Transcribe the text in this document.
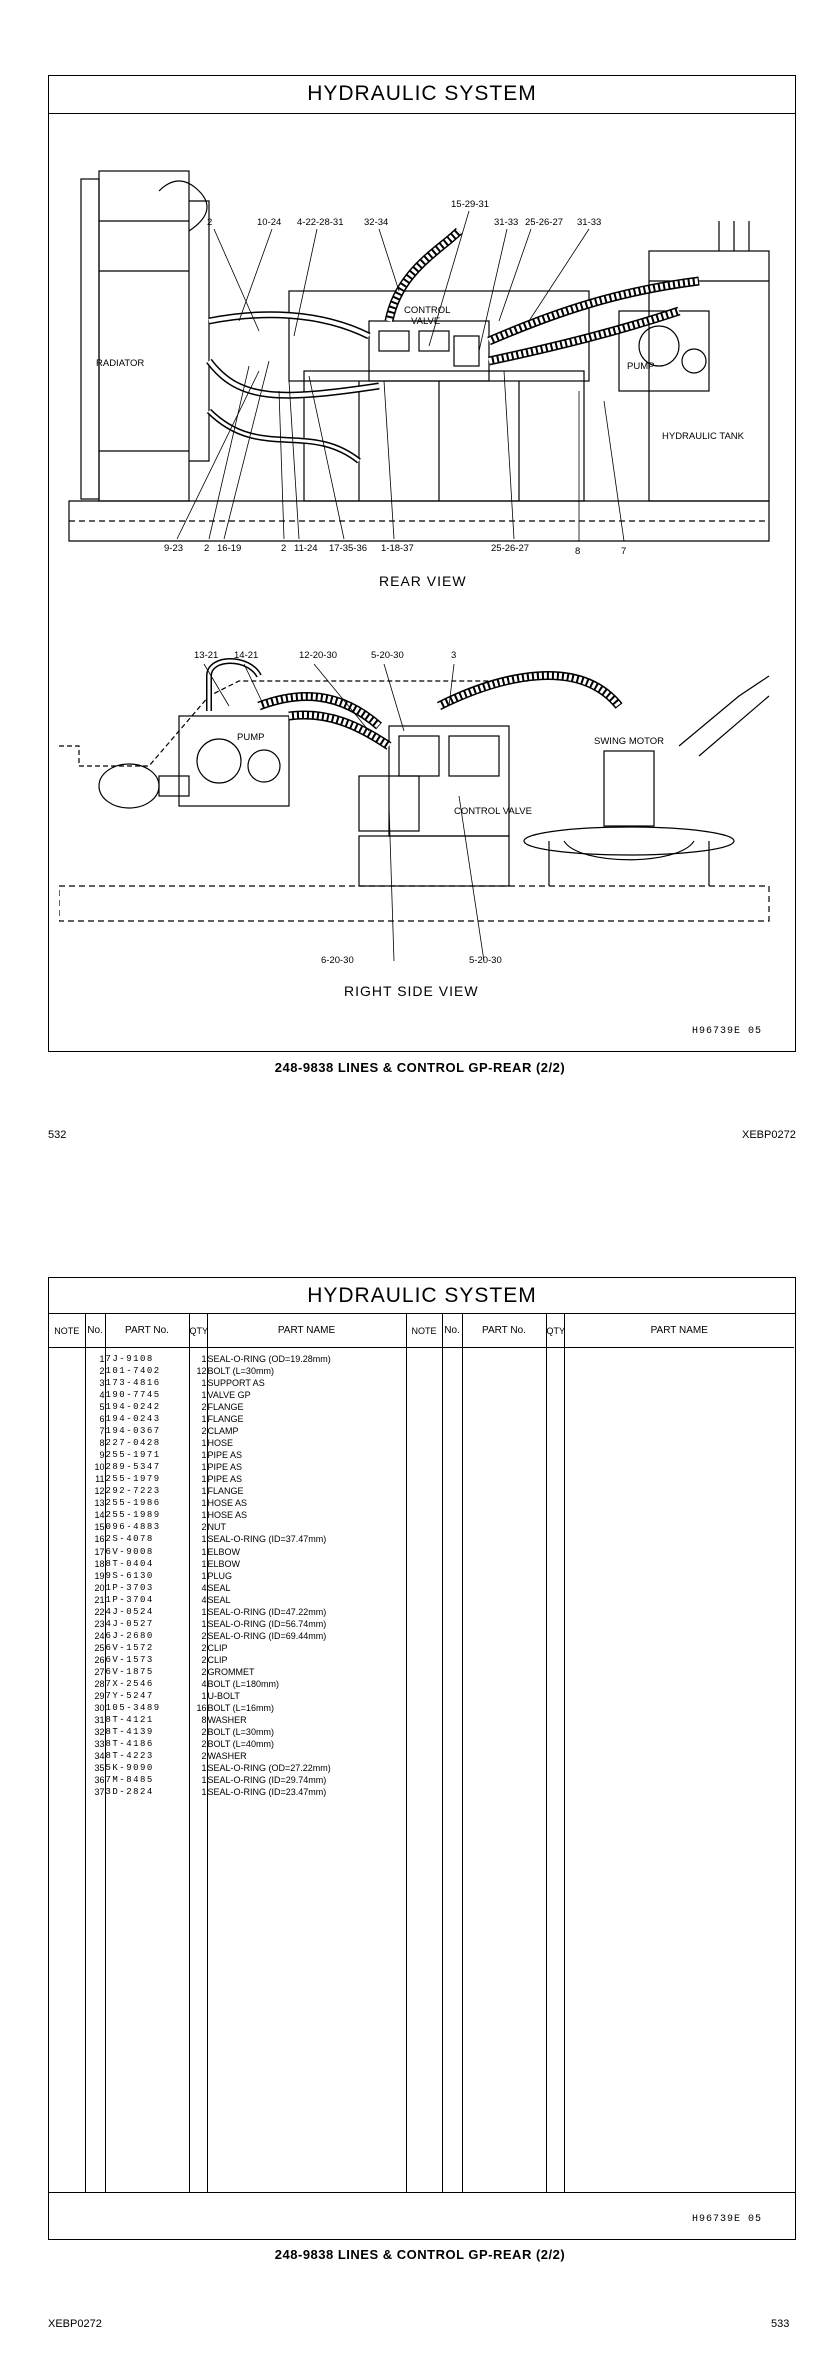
HYDRAULIC SYSTEM
RADIATOR
CONTROL
VALVE
PUMP
HYDRAULIC TANK
2	10-24 4-22-28-31 32-34
15-29-31
31-33 25-26-27 31-33
9-23 2 16-19	2 11-24 17-35-36 1-18-37	25-26-27	8	7
REAR VIEW
PUMP
CONTROL VALVE
SWING MOTOR
13-21 14-21	12-20-30	5-20-30	3
6-20-30	5-20-30
RIGHT SIDE VIEW
H96739E 05
248-9838 LINES & CONTROL GP-REAR (2/2)
532	XEBP0272
HYDRAULIC SYSTEM
NOTE	No.	PART No.	QTY	PART NAME	NOTE	No.	PART No.	QTY	PART NAME
	1	7J-9108	1	SEAL-O-RING (OD=19.28mm)					
	2	101-7402	12	BOLT (L=30mm)					
	3	173-4816	1	SUPPORT AS					
	4	190-7745	1	VALVE GP					
	5	194-0242	2	FLANGE					
	6	194-0243	1	FLANGE					
	7	194-0367	2	CLAMP					
	8	227-0428	1	HOSE					
	9	255-1971	1	PIPE AS					
	10	289-5347	1	PIPE AS					
	11	255-1979	1	PIPE AS					
	12	292-7223	1	FLANGE					
	13	255-1986	1	HOSE AS					
	14	255-1989	1	HOSE AS					
	15	096-4883	2	NUT					
	16	2S-4078	1	SEAL-O-RING (ID=37.47mm)					
	17	6V-9008	1	ELBOW					
	18	8T-0404	1	ELBOW					
	19	9S-6130	1	PLUG					
	20	1P-3703	4	SEAL					
	21	1P-3704	4	SEAL					
	22	4J-0524	1	SEAL-O-RING (ID=47.22mm)					
	23	4J-0527	1	SEAL-O-RING (ID=56.74mm)					
	24	6J-2680	2	SEAL-O-RING (ID=69.44mm)					
	25	6V-1572	2	CLIP					
	26	6V-1573	2	CLIP					
	27	6V-1875	2	GROMMET					
	28	7X-2546	4	BOLT (L=180mm)					
	29	7Y-5247	1	U-BOLT					
	30	105-3489	16	BOLT (L=16mm)					
	31	8T-4121	8	WASHER					
	32	8T-4139	2	BOLT (L=30mm)					
	33	8T-4186	2	BOLT (L=40mm)					
	34	8T-4223	2	WASHER					
	35	5K-9090	1	SEAL-O-RING (OD=27.22mm)					
	36	7M-8485	1	SEAL-O-RING (ID=29.74mm)					
	37	3D-2824	1	SEAL-O-RING (ID=23.47mm)					

H96739E 05
248-9838 LINES & CONTROL GP-REAR (2/2)
XEBP0272	533
